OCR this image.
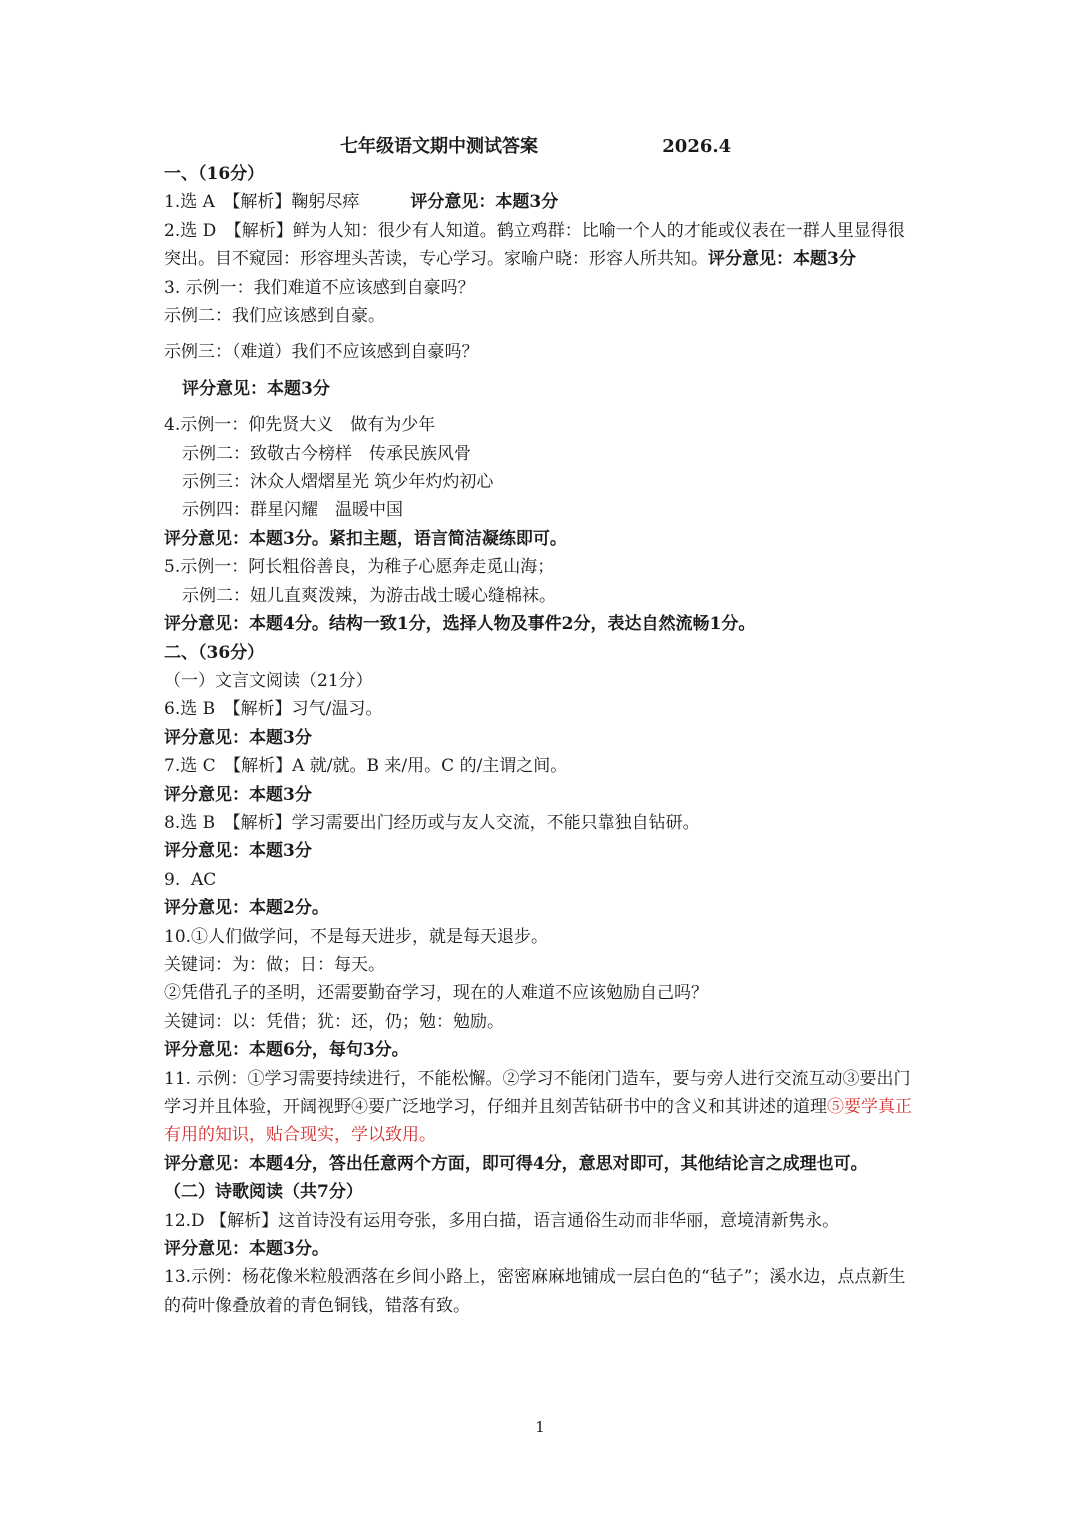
七年级语文期中测试答案	2026.4

一、（16分）

1.选 A　【解析】鞠躬尽瘁　　　评分意见：本题3分

2.选 D　【解析】鲜为人知：很少有人知道。鹤立鸡群：比喻一个人的才能或仪表在一群人里显得很突出。目不窥园：形容埋头苦读，专心学习。家喻户晓：形容人所共知。评分意见：本题3分

3. 示例一：我们难道不应该感到自豪吗？

示例二：我们应该感到自豪。

示例三：（难道）我们不应该感到自豪吗？

评分意见：本题3分

4.示例一：仰先贤大义　做有为少年

示例二：致敬古今榜样　传承民族风骨

示例三：沐众人熠熠星光 筑少年灼灼初心

示例四：群星闪耀　温暖中国

评分意见：本题3分。紧扣主题，语言简洁凝练即可。

5.示例一：阿长粗俗善良，为稚子心愿奔走觅山海；

示例二：妞儿直爽泼辣，为游击战士暖心缝棉袜。

评分意见：本题4分。结构一致1分，选择人物及事件2分，表达自然流畅1分。

二、（36分）

（一）文言文阅读（21分）

6.选 B　【解析】习气/温习。

评分意见：本题3分

7.选 C　【解析】A 就/就。B 来/用。C 的/主谓之间。

评分意见：本题3分

8.选 B　【解析】学习需要出门经历或与友人交流，不能只靠独自钻研。

评分意见：本题3分

9.  AC

评分意见：本题2分。

10.①人们做学问，不是每天进步，就是每天退步。

关键词：为：做；日：每天。

②凭借孔子的圣明，还需要勤奋学习，现在的人难道不应该勉励自己吗？

关键词：以：凭借；犹：还，仍；勉：勉励。

评分意见：本题6分，每句3分。

11. 示例：①学习需要持续进行，不能松懈。②学习不能闭门造车，要与旁人进行交流互动③要出门学习并且体验，开阔视野④要广泛地学习，仔细并且刻苦钻研书中的含义和其讲述的道理⑤要学真正有用的知识，贴合现实，学以致用。

评分意见：本题4分，答出任意两个方面，即可得4分，意思对即可，其他结论言之成理也可。

（二）诗歌阅读（共7分）

12.D 【解析】这首诗没有运用夸张，多用白描，语言通俗生动而非华丽，意境清新隽永。

评分意见：本题3分。

13.示例：杨花像米粒般洒落在乡间小路上，密密麻麻地铺成一层白色的“毡子”；溪水边，点点新生的荷叶像叠放着的青色铜钱，错落有致。

1
